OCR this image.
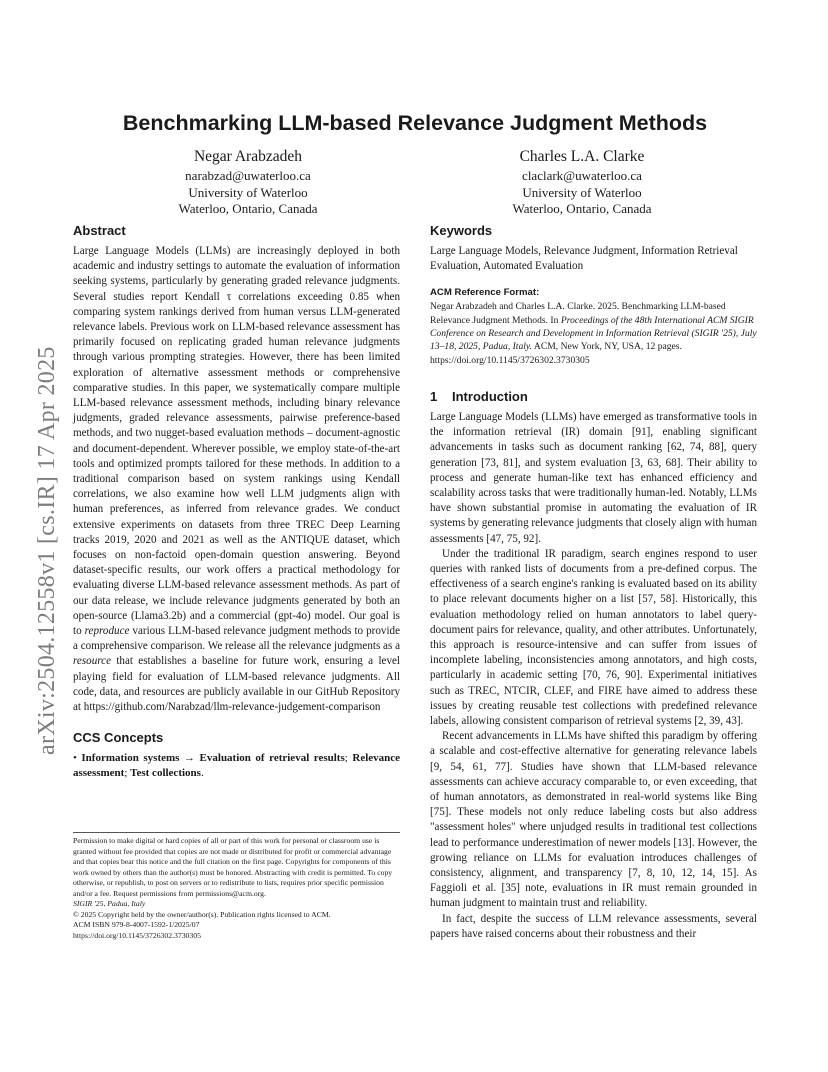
arXiv:2504.12558v1 [cs.IR] 17 Apr 2025
Benchmarking LLM-based Relevance Judgment Methods
Negar Arabzadeh
narabzad@uwaterloo.ca
University of Waterloo
Waterloo, Ontario, Canada
Charles L.A. Clarke
claclark@uwaterloo.ca
University of Waterloo
Waterloo, Ontario, Canada
Abstract

Large Language Models (LLMs) are increasingly deployed in both academic and industry settings to automate the evaluation of information seeking systems, particularly by generating graded relevance judgments. Several studies report Kendall τ correlations exceeding 0.85 when comparing system rankings derived from human versus LLM-generated relevance labels. Previous work on LLM-based relevance assessment has primarily focused on replicating graded human relevance judgments through various prompting strategies. However, there has been limited exploration of alternative assessment methods or comprehensive comparative studies. In this paper, we systematically compare multiple LLM-based relevance assessment methods, including binary relevance judgments, graded relevance assessments, pairwise preference-based methods, and two nugget-based evaluation methods – document-agnostic and document-dependent. Wherever possible, we employ state-of-the-art tools and optimized prompts tailored for these methods. In addition to a traditional comparison based on system rankings using Kendall correlations, we also examine how well LLM judgments align with human preferences, as inferred from relevance grades. We conduct extensive experiments on datasets from three TREC Deep Learning tracks 2019, 2020 and 2021 as well as the ANTIQUE dataset, which focuses on non-factoid open-domain question answering. Beyond dataset-specific results, our work offers a practical methodology for evaluating diverse LLM-based relevance assessment methods. As part of our data release, we include relevance judgments generated by both an open-source (Llama3.2b) and a commercial (gpt-4o) model. Our goal is to reproduce various LLM-based relevance judgment methods to provide a comprehensive comparison. We release all the relevance judgments as a resource that establishes a baseline for future work, ensuring a level playing field for evaluation of LLM-based relevance judgments. All code, data, and resources are publicly available in our GitHub Repository at https://github.com/Narabzad/llm-relevance-judgement-comparison

CCS Concepts

• Information systems → Evaluation of retrieval results; Relevance assessment; Test collections.

Permission to make digital or hard copies of all or part of this work for personal or classroom use is granted without fee provided that copies are not made or distributed for profit or commercial advantage and that copies bear this notice and the full citation on the first page. Copyrights for components of this work owned by others than the author(s) must be honored. Abstracting with credit is permitted. To copy otherwise, or republish, to post on servers or to redistribute to lists, requires prior specific permission and/or a fee. Request permissions from permissions@acm.org.

SIGIR '25, Padua, Italy

© 2025 Copyright held by the owner/author(s). Publication rights licensed to ACM.

ACM ISBN 979-8-4007-1592-1/2025/07

https://doi.org/10.1145/3726302.3730305

Keywords

Large Language Models, Relevance Judgment, Information Retrieval Evaluation, Automated Evaluation

ACM Reference Format:

Negar Arabzadeh and Charles L.A. Clarke. 2025. Benchmarking LLM-based Relevance Judgment Methods. In Proceedings of the 48th International ACM SIGIR Conference on Research and Development in Information Retrieval (SIGIR '25), July 13–18, 2025, Padua, Italy. ACM, New York, NY, USA, 12 pages. https://doi.org/10.1145/3726302.3730305

1 Introduction

Large Language Models (LLMs) have emerged as transformative tools in the information retrieval (IR) domain [91], enabling significant advancements in tasks such as document ranking [62, 74, 88], query generation [73, 81], and system evaluation [3, 63, 68]. Their ability to process and generate human-like text has enhanced efficiency and scalability across tasks that were traditionally human-led. Notably, LLMs have shown substantial promise in automating the evaluation of IR systems by generating relevance judgments that closely align with human assessments [47, 75, 92].

Under the traditional IR paradigm, search engines respond to user queries with ranked lists of documents from a pre-defined corpus. The effectiveness of a search engine's ranking is evaluated based on its ability to place relevant documents higher on a list [57, 58]. Historically, this evaluation methodology relied on human annotators to label query-document pairs for relevance, quality, and other attributes. Unfortunately, this approach is resource-intensive and can suffer from issues of incomplete labeling, inconsistencies among annotators, and high costs, particularly in academic setting [70, 76, 90]. Experimental initiatives such as TREC, NTCIR, CLEF, and FIRE have aimed to address these issues by creating reusable test collections with predefined relevance labels, allowing consistent comparison of retrieval systems [2, 39, 43].

Recent advancements in LLMs have shifted this paradigm by offering a scalable and cost-effective alternative for generating relevance labels [9, 54, 61, 77]. Studies have shown that LLM-based relevance assessments can achieve accuracy comparable to, or even exceeding, that of human annotators, as demonstrated in real-world systems like Bing [75]. These models not only reduce labeling costs but also address "assessment holes" where unjudged results in traditional test collections lead to performance underestimation of newer models [13]. However, the growing reliance on LLMs for evaluation introduces challenges of consistency, alignment, and transparency [7, 8, 10, 12, 14, 15]. As Faggioli et al. [35] note, evaluations in IR must remain grounded in human judgment to maintain trust and reliability.

In fact, despite the success of LLM relevance assessments, several papers have raised concerns about their robustness and their
